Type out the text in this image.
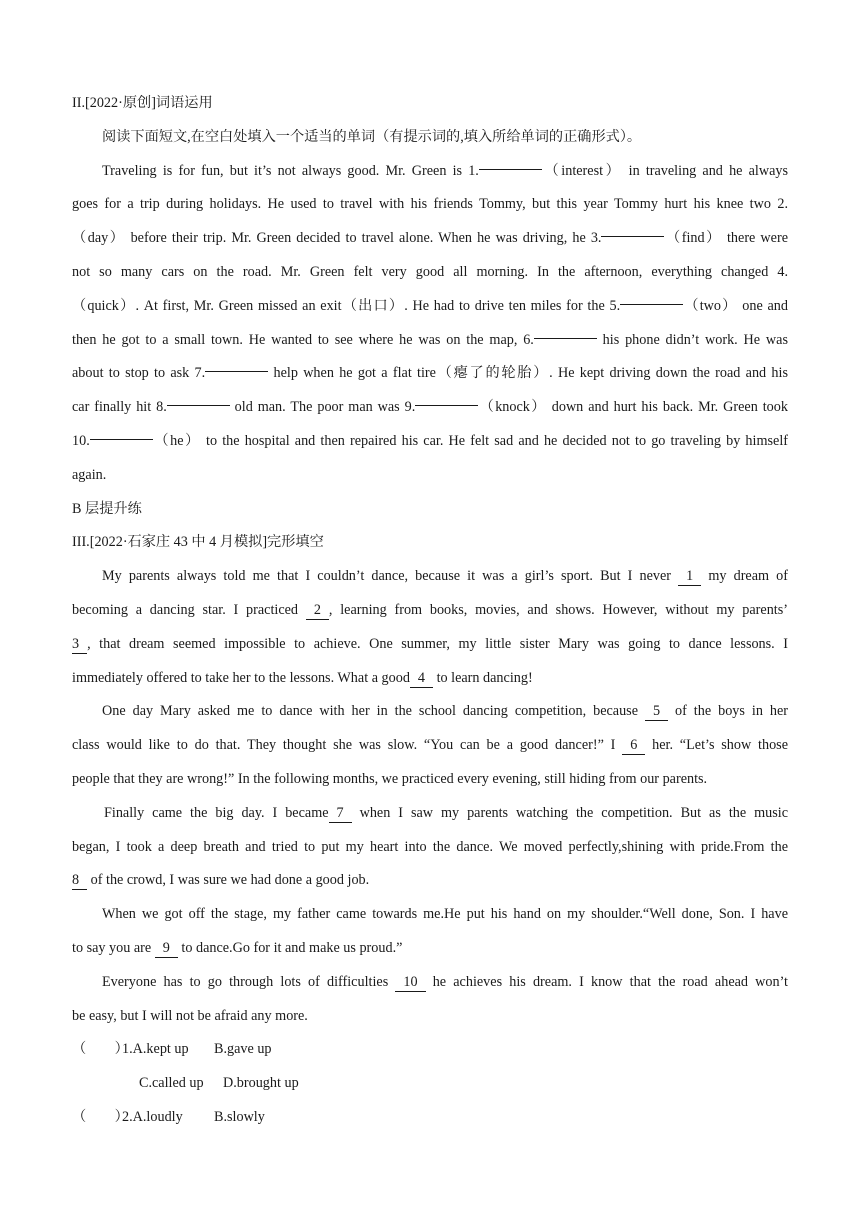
II.[2022·原创]词语运用
阅读下面短文,在空白处填入一个适当的单词（有提示词的,填入所给单词的正确形式）。
Traveling is for fun, but it’s not always good. Mr. Green is 1.	（interest） in traveling and he always
goes for a trip during holidays. He used to travel with his friends Tommy, but this year Tommy hurt his knee two 2.
（day） before their trip. Mr. Green decided to travel alone. When he was driving, he 3.	（find） there were
not so many cars on the road. Mr. Green felt very good all morning. In the afternoon, everything changed 4.
（quick）. At first, Mr. Green missed an exit（出口）. He had to drive ten miles for the 5.	（two） one and
then he got to a small town. He wanted to see where he was on the map, 6.	his phone didn’t work. He was
about to stop to ask 7.	help when he got a flat tire（瘪了的轮胎）. He kept driving down the road and his
car finally hit 8.	old man. The poor man was 9.	（knock） down and hurt his back. Mr. Green took
10.	（he） to the hospital and then repaired his car. He felt sad and he decided not to go traveling by himself
again.
B 层提升练
III.[2022·石家庄 43 中 4 月模拟]完形填空
My parents always told me that I couldn’t dance, because it was a girl’s sport. But I never 1 my dream of
becoming a dancing star. I practiced 2 , learning from books, movies, and shows. However, without my parents’
3 , that dream seemed impossible to achieve. One summer, my little sister Mary was going to dance lessons. I
immediately offered to take her to the lessons. What a good 4 to learn dancing!
One day Mary asked me to dance with her in the school dancing competition, because 5 of the boys in her
class would like to do that. They thought she was slow. “You can be a good dancer!” I 6 her. “Let’s show those
people that they are wrong!” In the following months, we practiced every evening, still hiding from our parents.
Finally came the big day. I became 7 when I saw my parents watching the competition. But as the music
began, I took a deep breath and tried to put my heart into the dance. We moved perfectly,shining with pride.From the
8 of the crowd, I was sure we had done a good job.
When we got off the stage, my father came towards me.He put his hand on my shoulder.“Well done, Son. I have
to say you are 9 to dance.Go for it and make us proud.”
Everyone has to go through lots of difficulties 10 he achieves his dream. I know that the road ahead won’t
be easy, but I will not be afraid any more.
（　　）1.A.kept up B.gave up
C.called up D.brought up
（　　）2.A.loudly B.slowly
